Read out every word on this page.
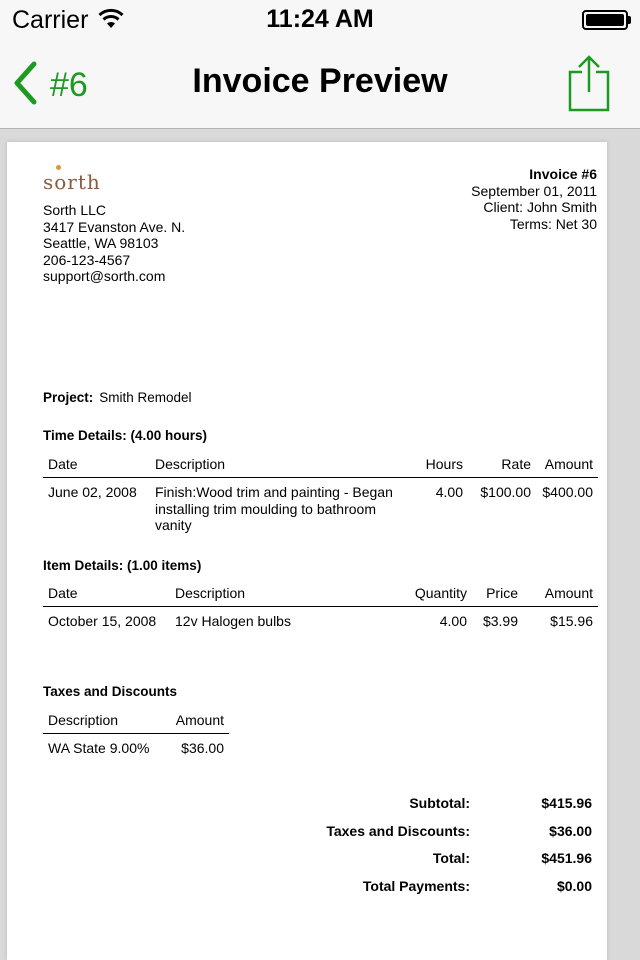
Carrier	11:24 AM
#6	Invoice Preview
sorth
Sorth LLC
3417 Evanston Ave. N.
Seattle, WA 98103
206-123-4567
support@sorth.com
Invoice #6
September 01, 2011
Client: John Smith
Terms: Net 30
Project: Smith Remodel
Time Details: (4.00 hours)
Date	Description	Hours	Rate	Amount
June 02, 2008	Finish:Wood trim and painting - Began installing trim moulding to bathroom vanity	4.00	$100.00	$400.00
Item Details: (1.00 items)
Date	Description	Quantity	Price	Amount
October 15, 2008	12v Halogen bulbs	4.00	$3.99	$15.96
Taxes and Discounts
Description	Amount
WA State 9.00%	$36.00
Subtotal:	$415.96
Taxes and Discounts:	$36.00
Total:	$451.96
Total Payments:	$0.00
